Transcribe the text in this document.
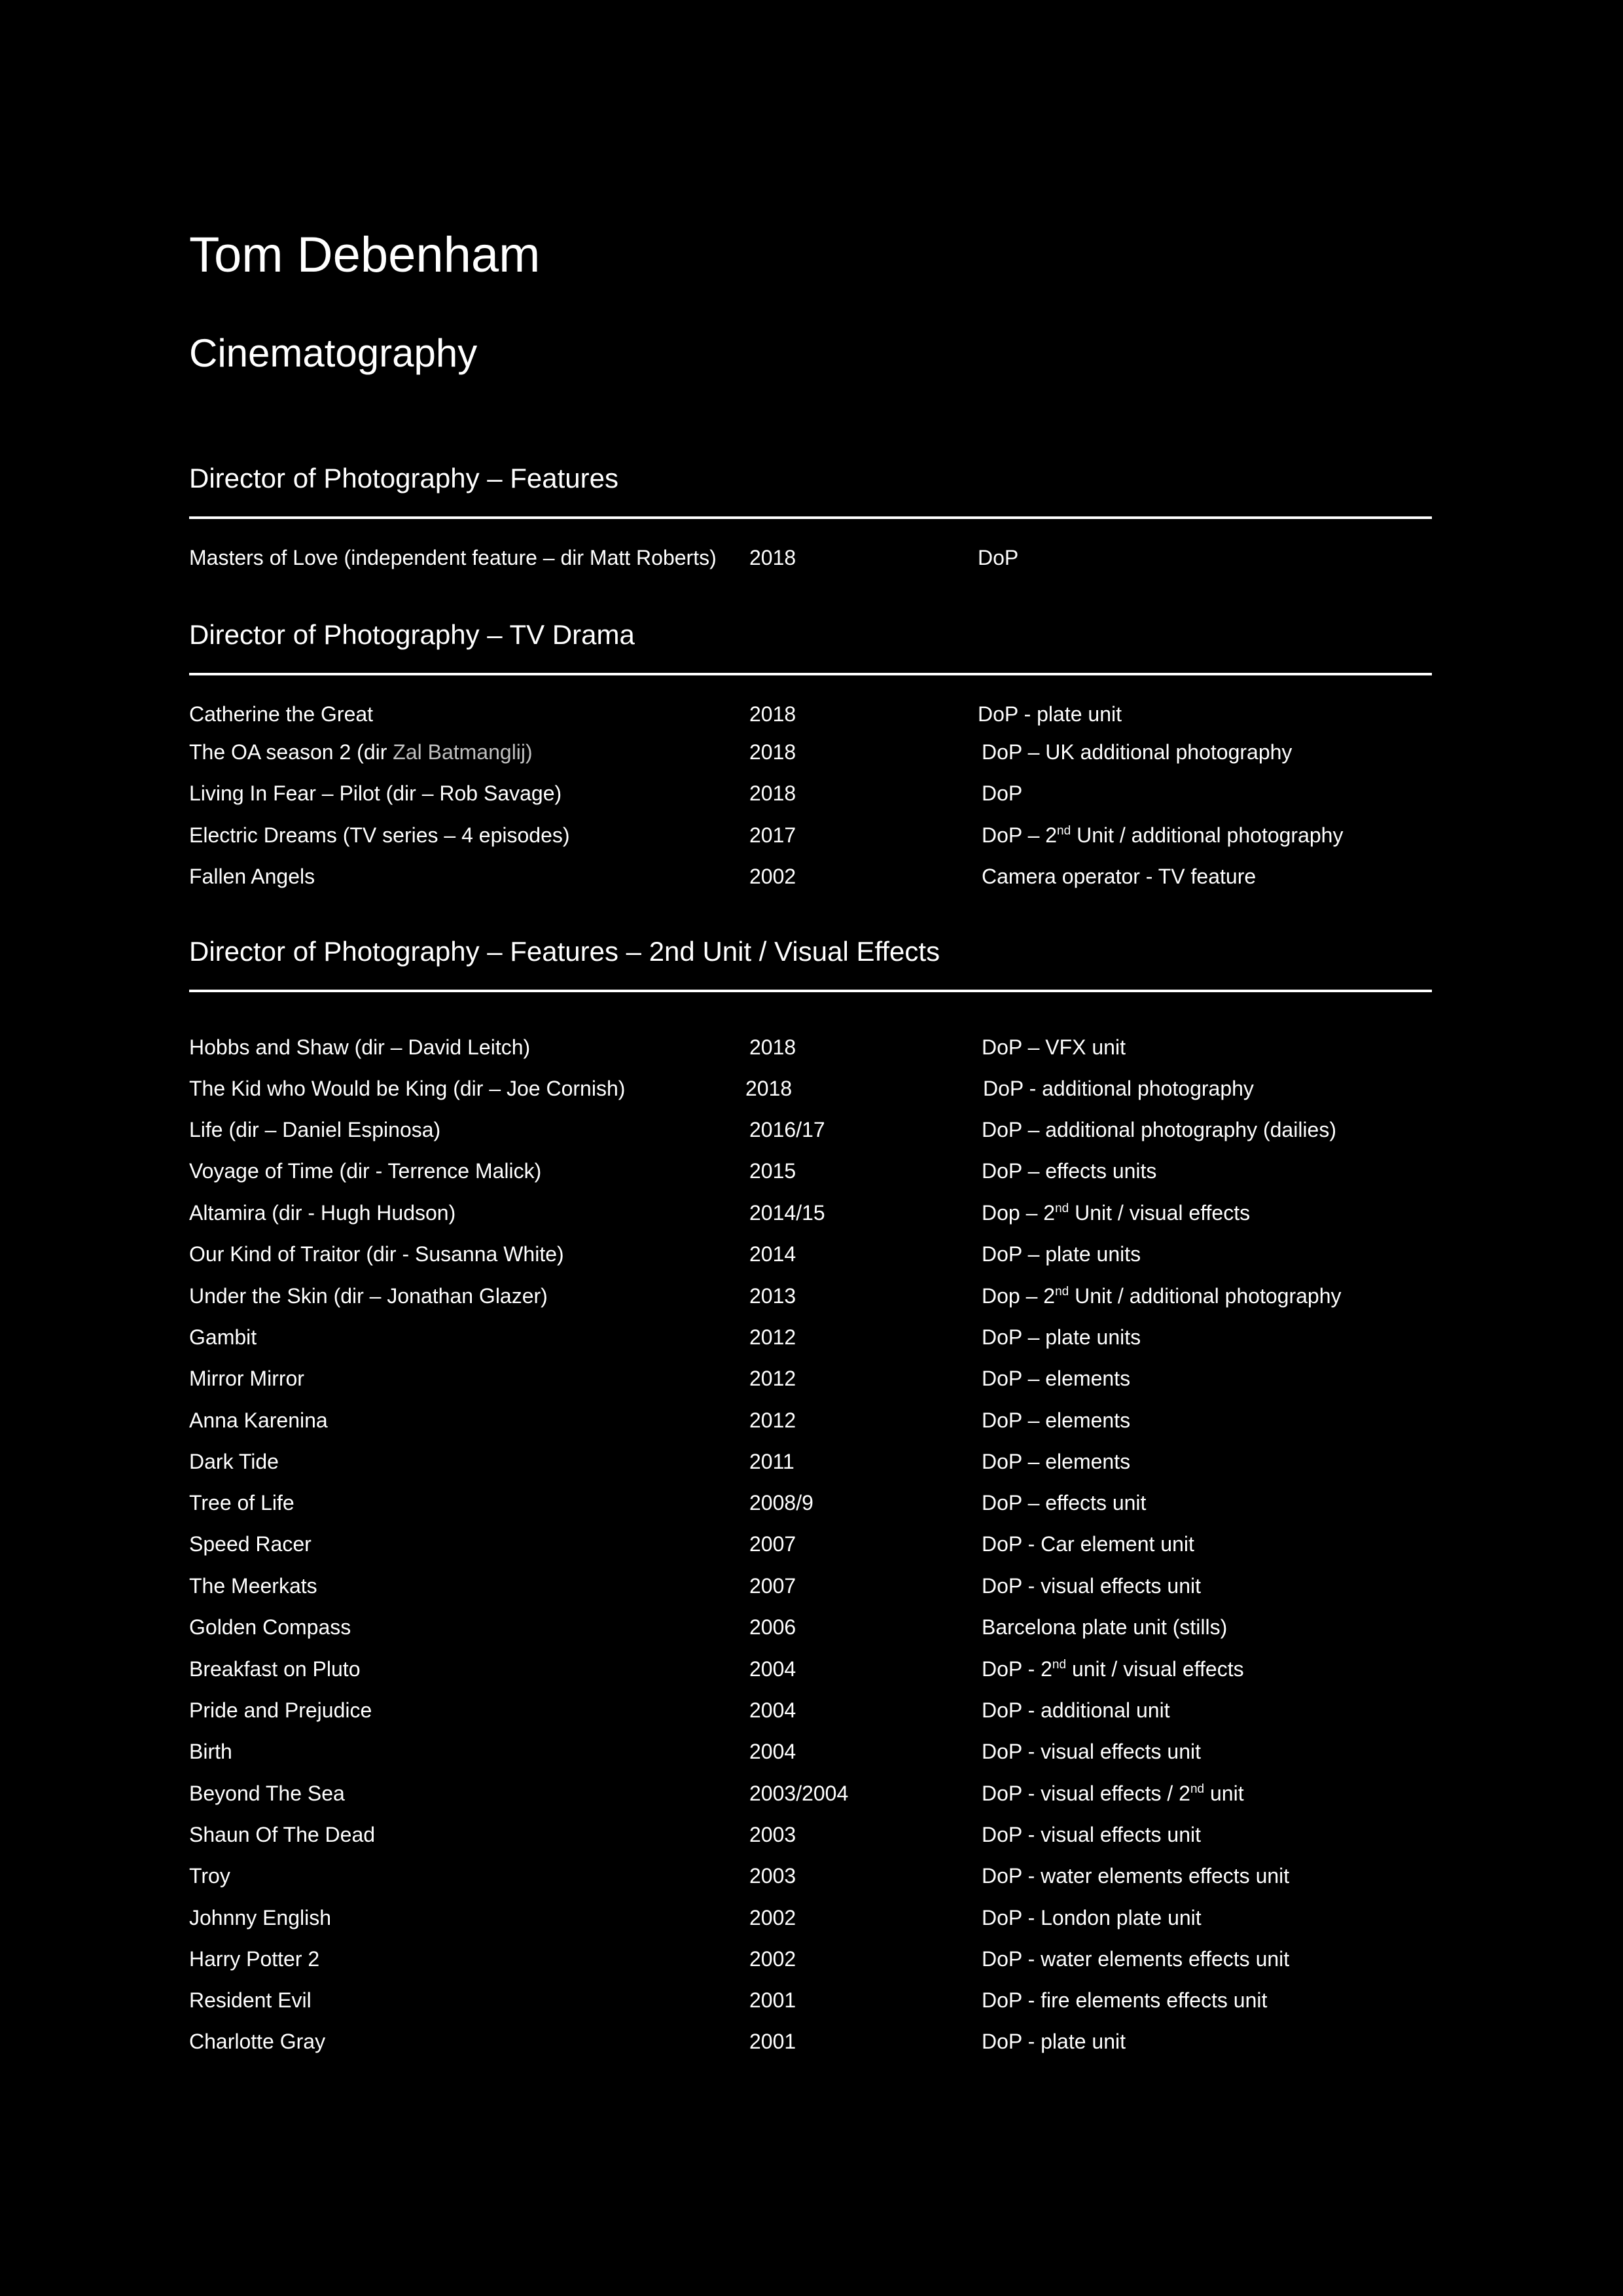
Tom Debenham
Cinematography
Director of Photography – Features
Masters of Love (independent feature – dir Matt Roberts) 2018	DoP
Director of Photography – TV Drama
Catherine the Great	2018	DoP - plate unit
The OA season 2 (dir Zal Batmanglij)	2018	DoP – UK additional photography
Living In Fear – Pilot (dir – Rob Savage)	2018	DoP
Electric Dreams (TV series – 4 episodes)	2017	DoP – 2nd Unit / additional photography
Fallen Angels	2002	Camera operator - TV feature
Director of Photography – Features – 2nd Unit / Visual Effects
Hobbs and Shaw (dir – David Leitch)	2018	DoP – VFX unit
The Kid who Would be King (dir – Joe Cornish)	2018	DoP - additional photography
Life (dir – Daniel Espinosa)	2016/17	DoP – additional photography (dailies)
Voyage of Time (dir - Terrence Malick)	2015	DoP – effects units
Altamira (dir - Hugh Hudson)	2014/15	Dop – 2nd Unit / visual effects
Our Kind of Traitor (dir - Susanna White)	2014	DoP – plate units
Under the Skin (dir – Jonathan Glazer)	2013	Dop – 2nd Unit / additional photography
Gambit	2012	DoP – plate units
Mirror Mirror	2012	DoP – elements
Anna Karenina	2012	DoP – elements
Dark Tide	2011	DoP – elements
Tree of Life	2008/9	DoP – effects unit
Speed Racer	2007	DoP - Car element unit
The Meerkats	2007	DoP - visual effects unit
Golden Compass	2006	Barcelona plate unit (stills)
Breakfast on Pluto	2004	DoP - 2nd unit / visual effects
Pride and Prejudice	2004	DoP - additional unit
Birth	2004	DoP - visual effects unit
Beyond The Sea	2003/2004	DoP - visual effects / 2nd unit
Shaun Of The Dead	2003	DoP - visual effects unit
Troy	2003	DoP - water elements effects unit
Johnny English	2002	DoP - London plate unit
Harry Potter 2	2002	DoP - water elements effects unit
Resident Evil	2001	DoP - fire elements effects unit
Charlotte Gray	2001	DoP - plate unit
